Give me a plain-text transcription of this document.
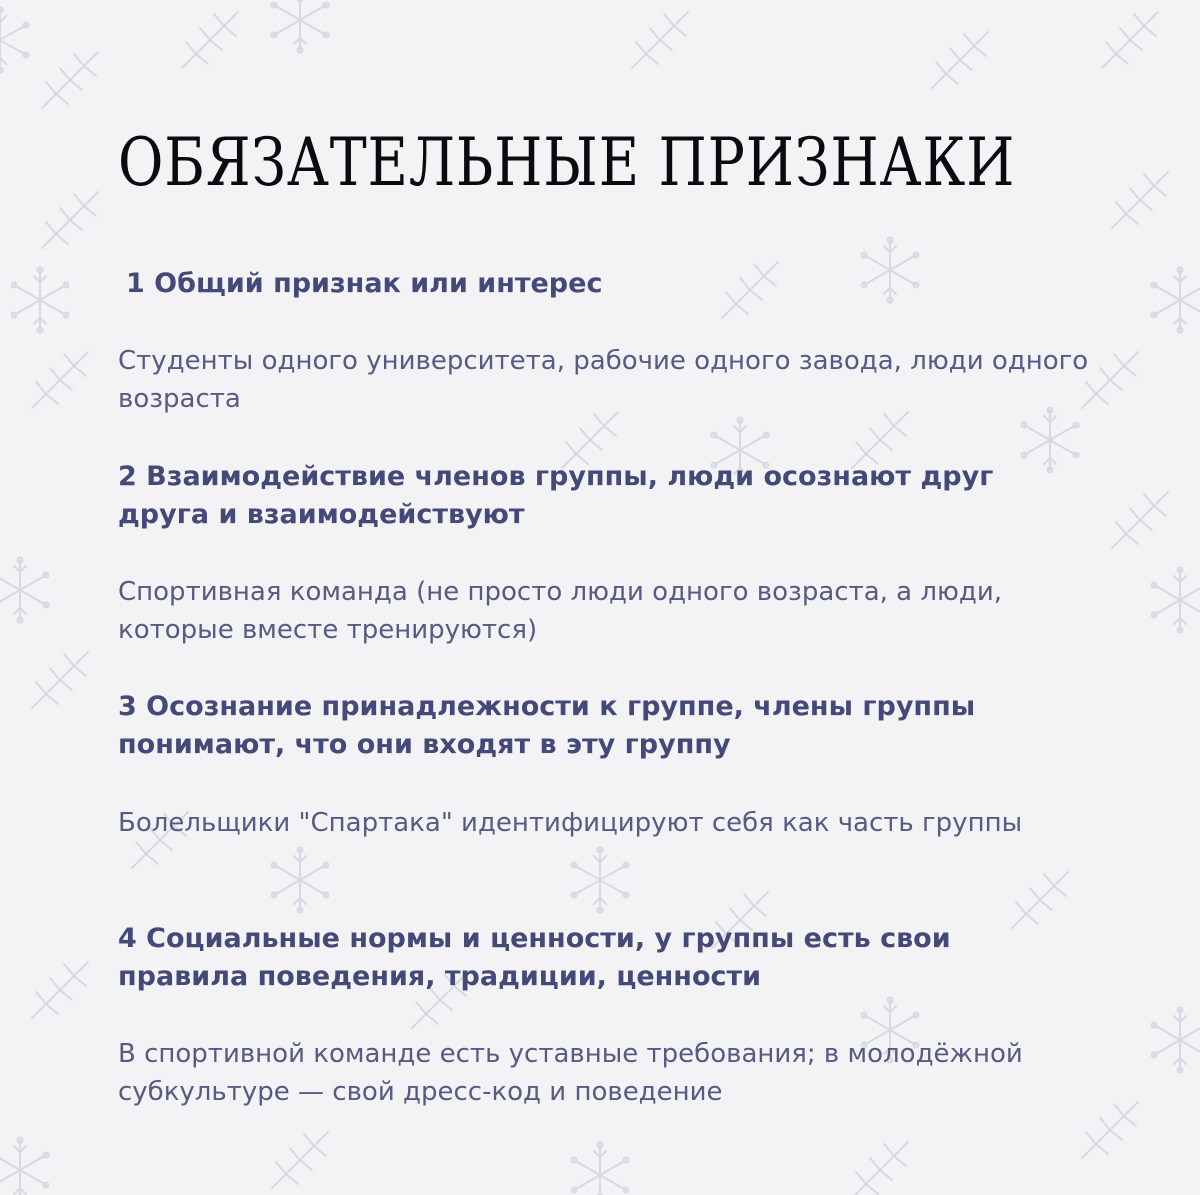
ОБЯЗАТЕЛЬНЫЕ ПРИЗНАКИ

1 Общий признак или интерес

Студенты одного университета, рабочие одного завода, люди одного возраста

2 Взаимодействие членов группы, люди осознают друг друга и взаимодействуют

Спортивная команда (не просто люди одного возраста, а люди, которые вместе тренируются)

3 Осознание принадлежности к группе, члены группы понимают, что они входят в эту группу

Болельщики "Спартака" идентифицируют себя как часть группы

4 Социальные нормы и ценности, у группы есть свои правила поведения, традиции, ценности

В спортивной команде есть уставные требования; в молодёжной субкультуре — свой дресс-код и поведение
